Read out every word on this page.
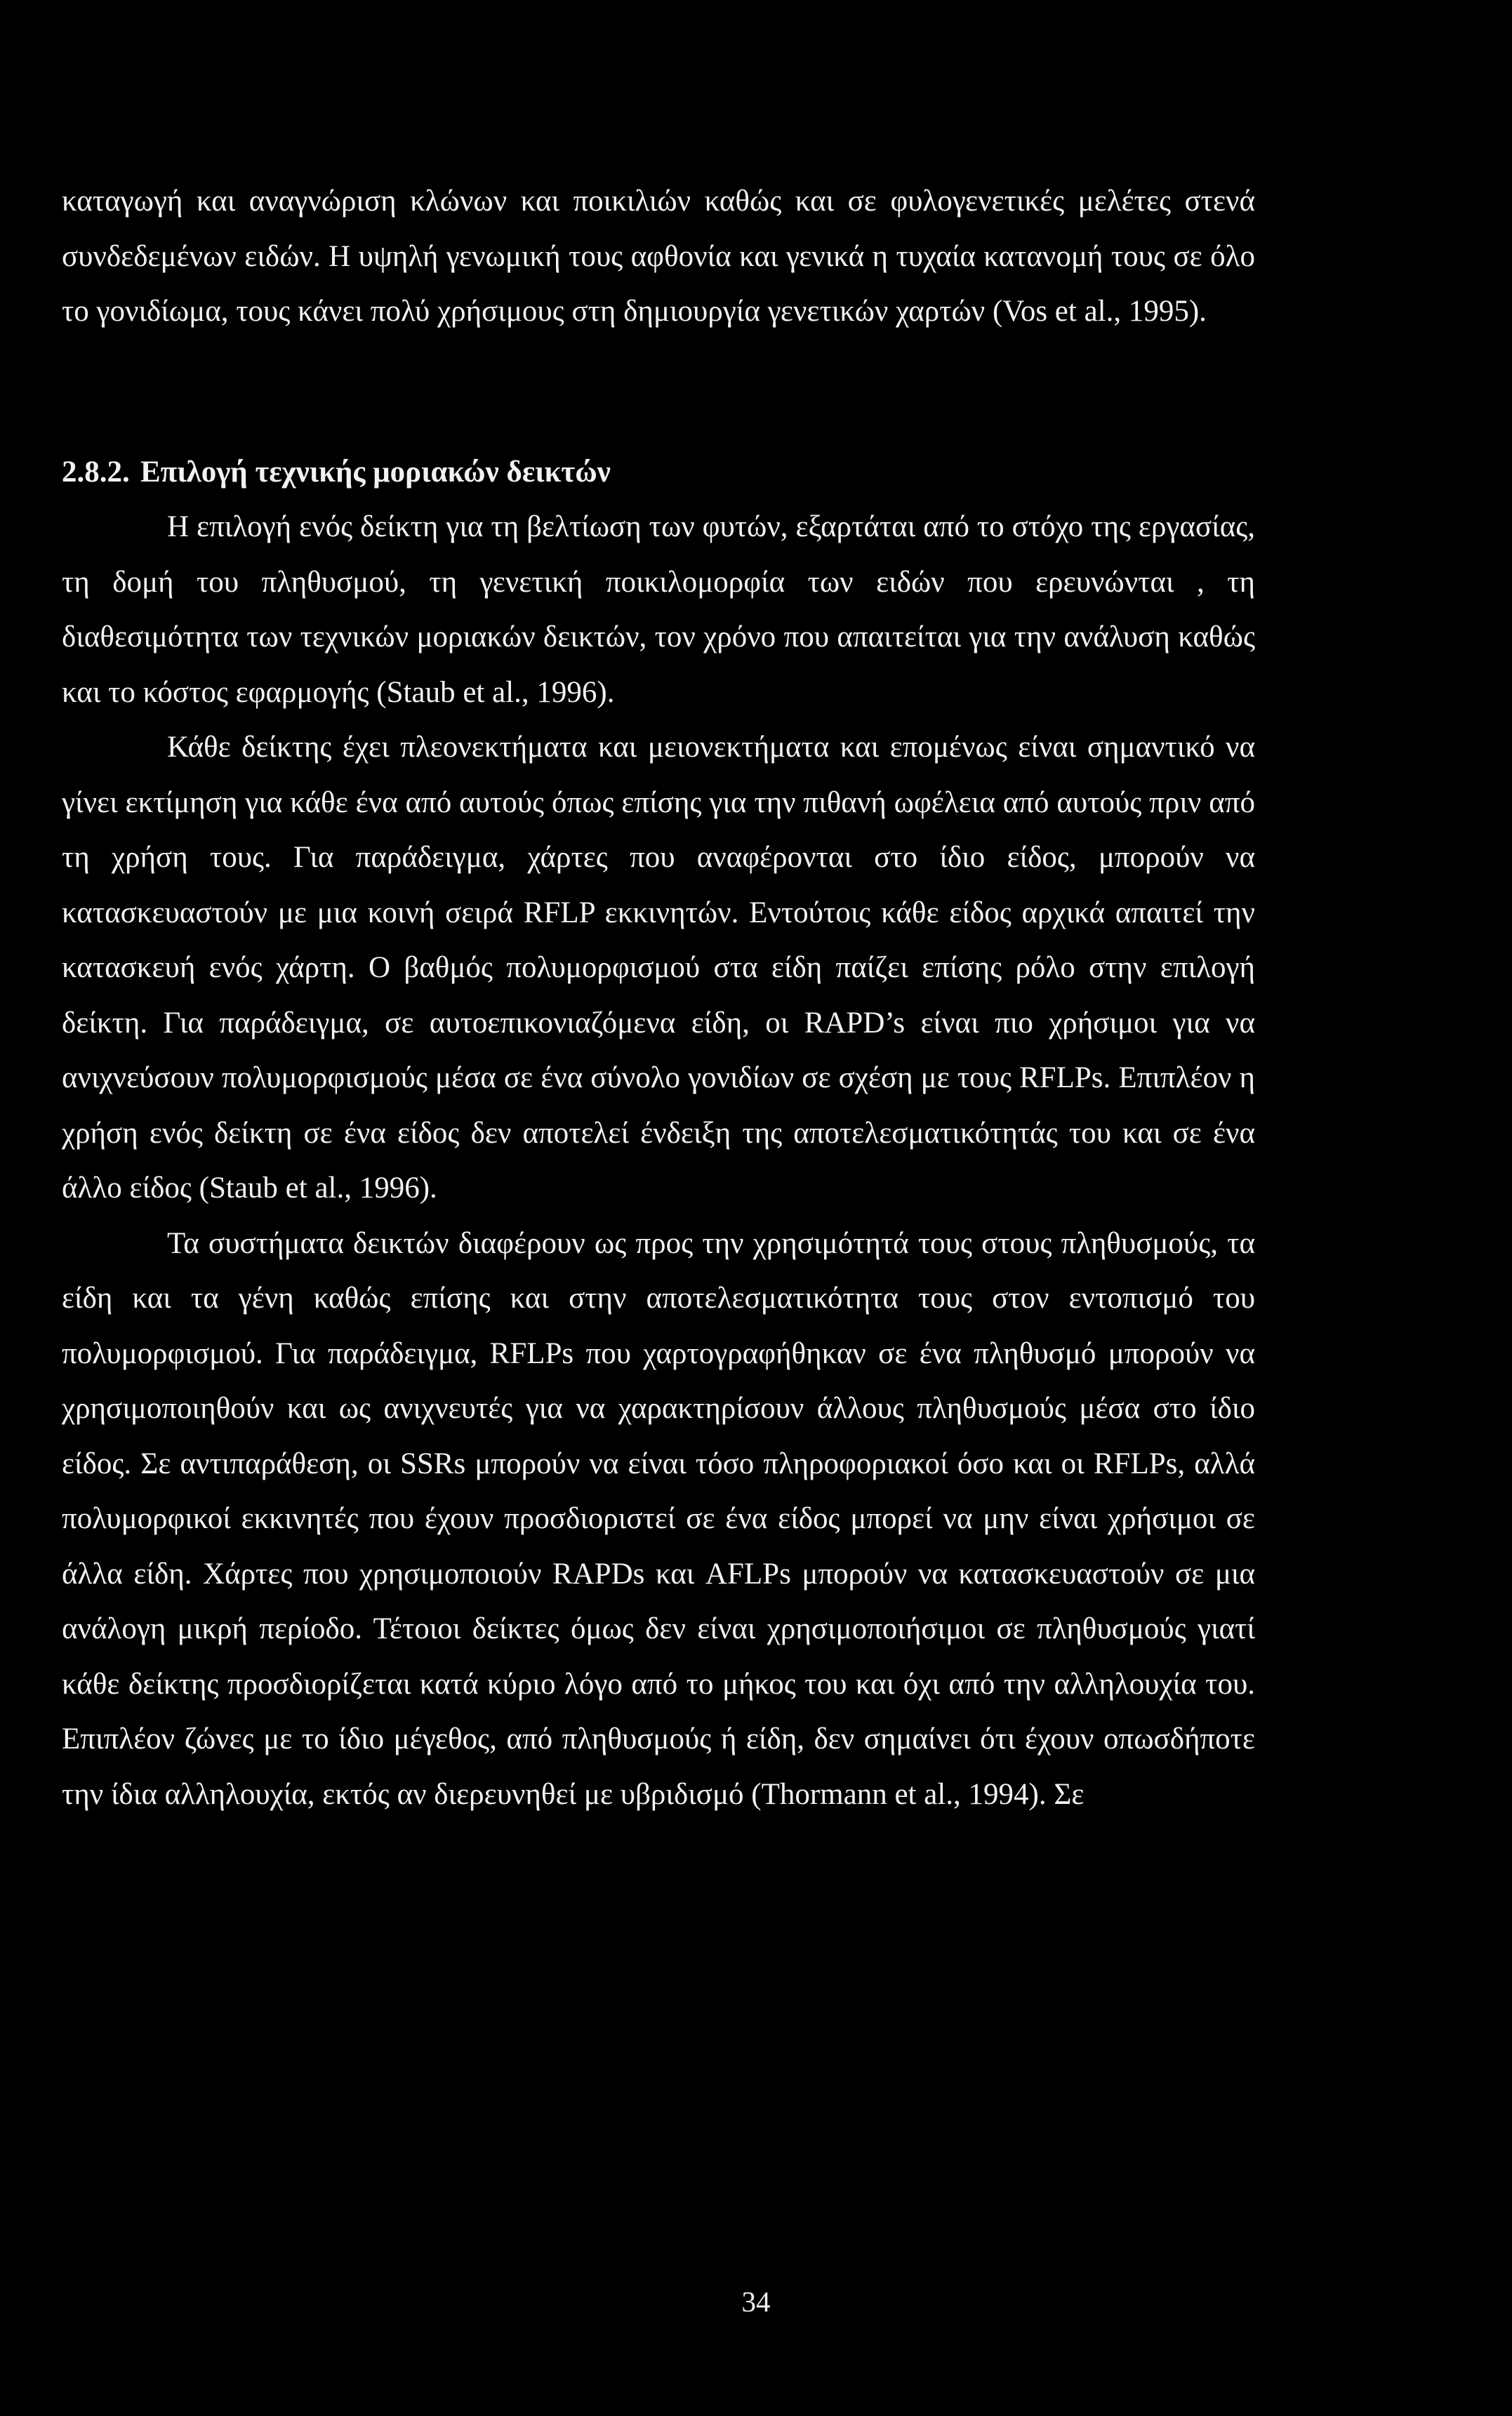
καταγωγή και αναγνώριση κλώνων και ποικιλιών καθώς και σε φυλογενετικές μελέτες στενά συνδεδεμένων ειδών. Η υψηλή γενωμική τους αφθονία και γενικά η τυχαία κατανομή τους σε όλο το γονιδίωμα, τους κάνει πολύ χρήσιμους στη δημιουργία γενετικών χαρτών (Vos et al., 1995).

2.8.2. Επιλογή τεχνικής μοριακών δεικτών

Η επιλογή ενός δείκτη για τη βελτίωση των φυτών, εξαρτάται από το στόχο της εργασίας, τη δομή του πληθυσμού, τη γενετική ποικιλομορφία των ειδών που ερευνώνται , τη διαθεσιμότητα των τεχνικών μοριακών δεικτών, τον χρόνο που απαιτείται για την ανάλυση καθώς και το κόστος εφαρμογής (Staub et al., 1996).

Κάθε δείκτης έχει πλεονεκτήματα και μειονεκτήματα και επομένως είναι σημαντικό να γίνει εκτίμηση για κάθε ένα από αυτούς όπως επίσης για την πιθανή ωφέλεια από αυτούς πριν από τη χρήση τους. Για παράδειγμα, χάρτες που αναφέρονται στο ίδιο είδος, μπορούν να κατασκευαστούν με μια κοινή σειρά RFLP εκκινητών. Εντούτοις κάθε είδος αρχικά απαιτεί την κατασκευή ενός χάρτη. Ο βαθμός πολυμορφισμού στα είδη παίζει επίσης ρόλο στην επιλογή δείκτη. Για παράδειγμα, σε αυτοεπικονιαζόμενα είδη, οι RAPD’s είναι πιο χρήσιμοι για να ανιχνεύσουν πολυμορφισμούς μέσα σε ένα σύνολο γονιδίων σε σχέση με τους RFLPs. Επιπλέον η χρήση ενός δείκτη σε ένα είδος δεν αποτελεί ένδειξη της αποτελεσματικότητάς του και σε ένα άλλο είδος (Staub et al., 1996).

Τα συστήματα δεικτών διαφέρουν ως προς την χρησιμότητά τους στους πληθυσμούς, τα είδη και τα γένη καθώς επίσης και στην αποτελεσματικότητα τους στον εντοπισμό του πολυμορφισμού. Για παράδειγμα, RFLPs που χαρτογραφήθηκαν σε ένα πληθυσμό μπορούν να χρησιμοποιηθούν και ως ανιχνευτές για να χαρακτηρίσουν άλλους πληθυσμούς μέσα στο ίδιο είδος. Σε αντιπαράθεση, οι SSRs μπορούν να είναι τόσο πληροφοριακοί όσο και οι RFLPs, αλλά πολυμορφικοί εκκινητές που έχουν προσδιοριστεί σε ένα είδος μπορεί να μην είναι χρήσιμοι σε άλλα είδη. Χάρτες που χρησιμοποιούν RAPDs και AFLPs μπορούν να κατασκευαστούν σε μια ανάλογη μικρή περίοδο. Τέτοιοι δείκτες όμως δεν είναι χρησιμοποιήσιμοι σε πληθυσμούς γιατί κάθε δείκτης προσδιορίζεται κατά κύριο λόγο από το μήκος του και όχι από την αλληλουχία του. Επιπλέον ζώνες με το ίδιο μέγεθος, από πληθυσμούς ή είδη, δεν σημαίνει ότι έχουν οπωσδήποτε την ίδια αλληλουχία, εκτός αν διερευνηθεί με υβριδισμό (Thormann et al., 1994). Σε

34
